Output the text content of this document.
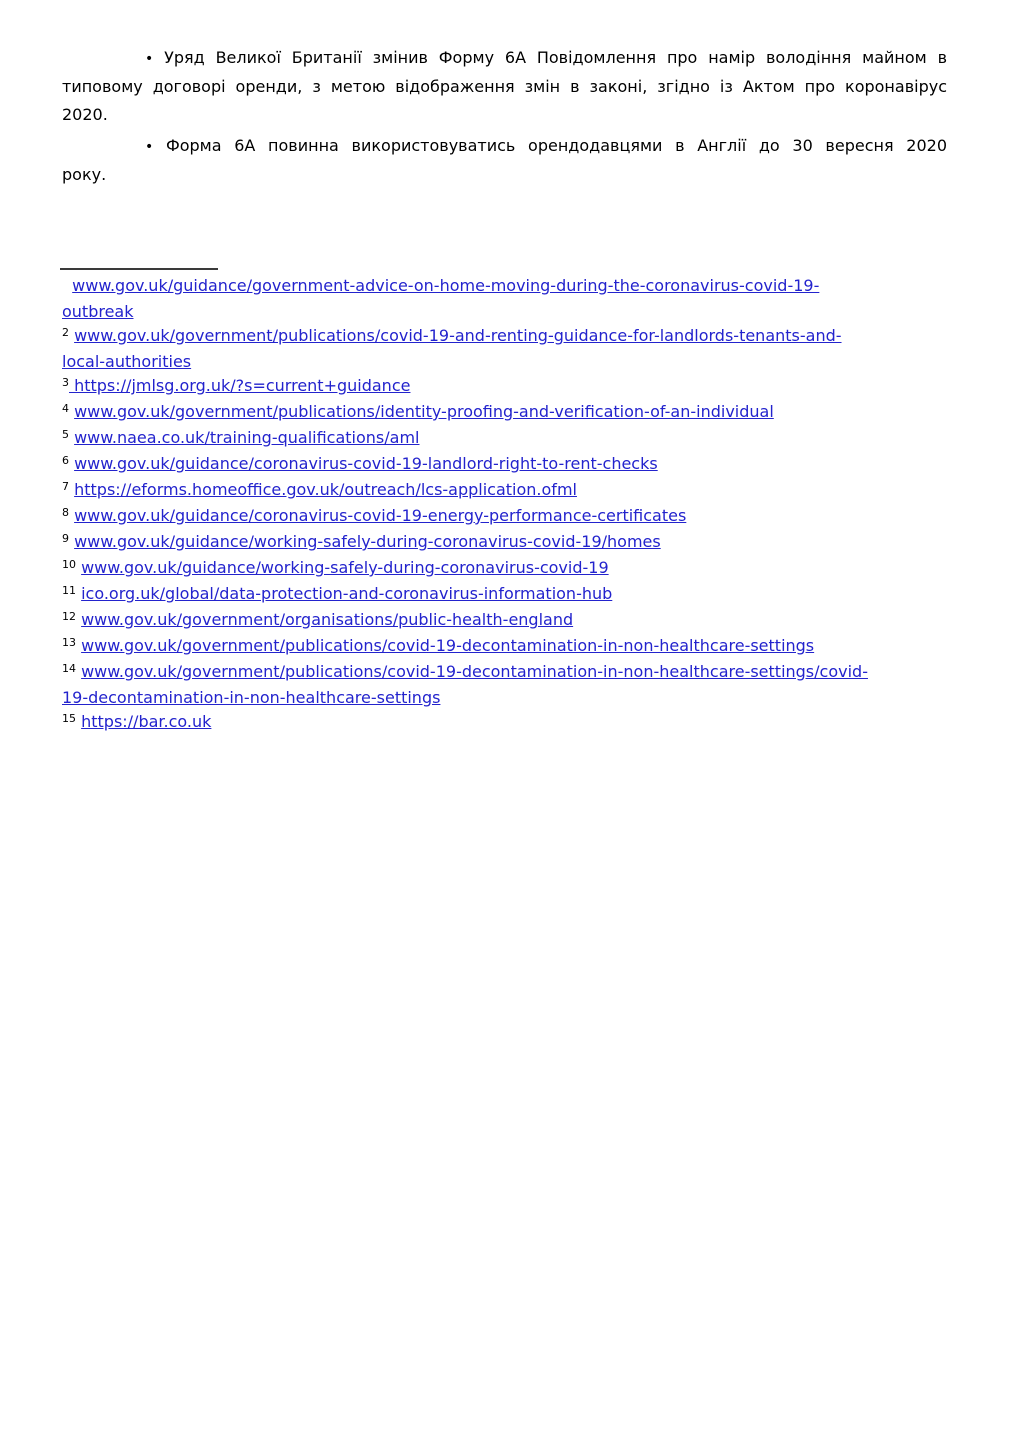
• Уряд Великої Британії змінив Форму 6А Повідомлення про намір володіння майном в
типовому договорі оренди, з метою відображення змін в законі, згідно із Актом про коронавірус
2020.
• Форма 6А повинна використовуватись орендодавцями в Англії до 30 вересня 2020
року.
www.gov.uk/guidance/government-advice-on-home-moving-during-the-coronavirus-covid-19-
outbreak
$^2$ www.gov.uk/government/publications/covid-19-and-renting-guidance-for-landlords-tenants-and-
local-authorities
$^3$ https://jmlsg.org.uk/?s=current+guidance
$^4$ www.gov.uk/government/publications/identity-proofing-and-verification-of-an-individual
$^5$ www.naea.co.uk/training-qualifications/aml
$^6$ www.gov.uk/guidance/coronavirus-covid-19-landlord-right-to-rent-checks
$^7$ https://eforms.homeoffice.gov.uk/outreach/lcs-application.ofml
$^8$ www.gov.uk/guidance/coronavirus-covid-19-energy-performance-certificates
$^9$ www.gov.uk/guidance/working-safely-during-coronavirus-covid-19/homes
$^{10}$ www.gov.uk/guidance/working-safely-during-coronavirus-covid-19
$^{11}$ ico.org.uk/global/data-protection-and-coronavirus-information-hub
$^{12}$ www.gov.uk/government/organisations/public-health-england
$^{13}$ www.gov.uk/government/publications/covid-19-decontamination-in-non-healthcare-settings
$^{14}$ www.gov.uk/government/publications/covid-19-decontamination-in-non-healthcare-settings/covid-
19-decontamination-in-non-healthcare-settings
$^{15}$ https://bar.co.uk
